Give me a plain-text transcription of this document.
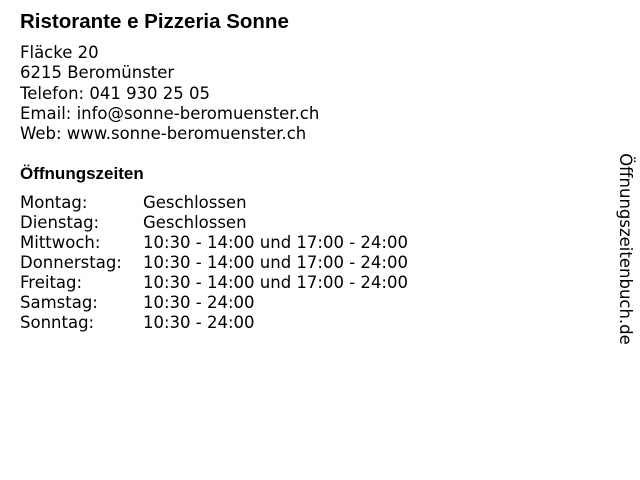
Ristorante e Pizzeria Sonne
Fläcke 20
6215 Beromünster
Telefon: 041 930 25 05
Email: info@sonne-beromuenster.ch
Web: www.sonne-beromuenster.ch
Öffnungszeiten
Montag:	Geschlossen
Dienstag:	Geschlossen
Mittwoch:	10:30 - 14:00 und 17:00 - 24:00
Donnerstag: 10:30 - 14:00 und 17:00 - 24:00
Freitag:	10:30 - 14:00 und 17:00 - 24:00
Samstag:	10:30 - 24:00
Sonntag:	10:30 - 24:00	Öffnungszeitenbuch.de
